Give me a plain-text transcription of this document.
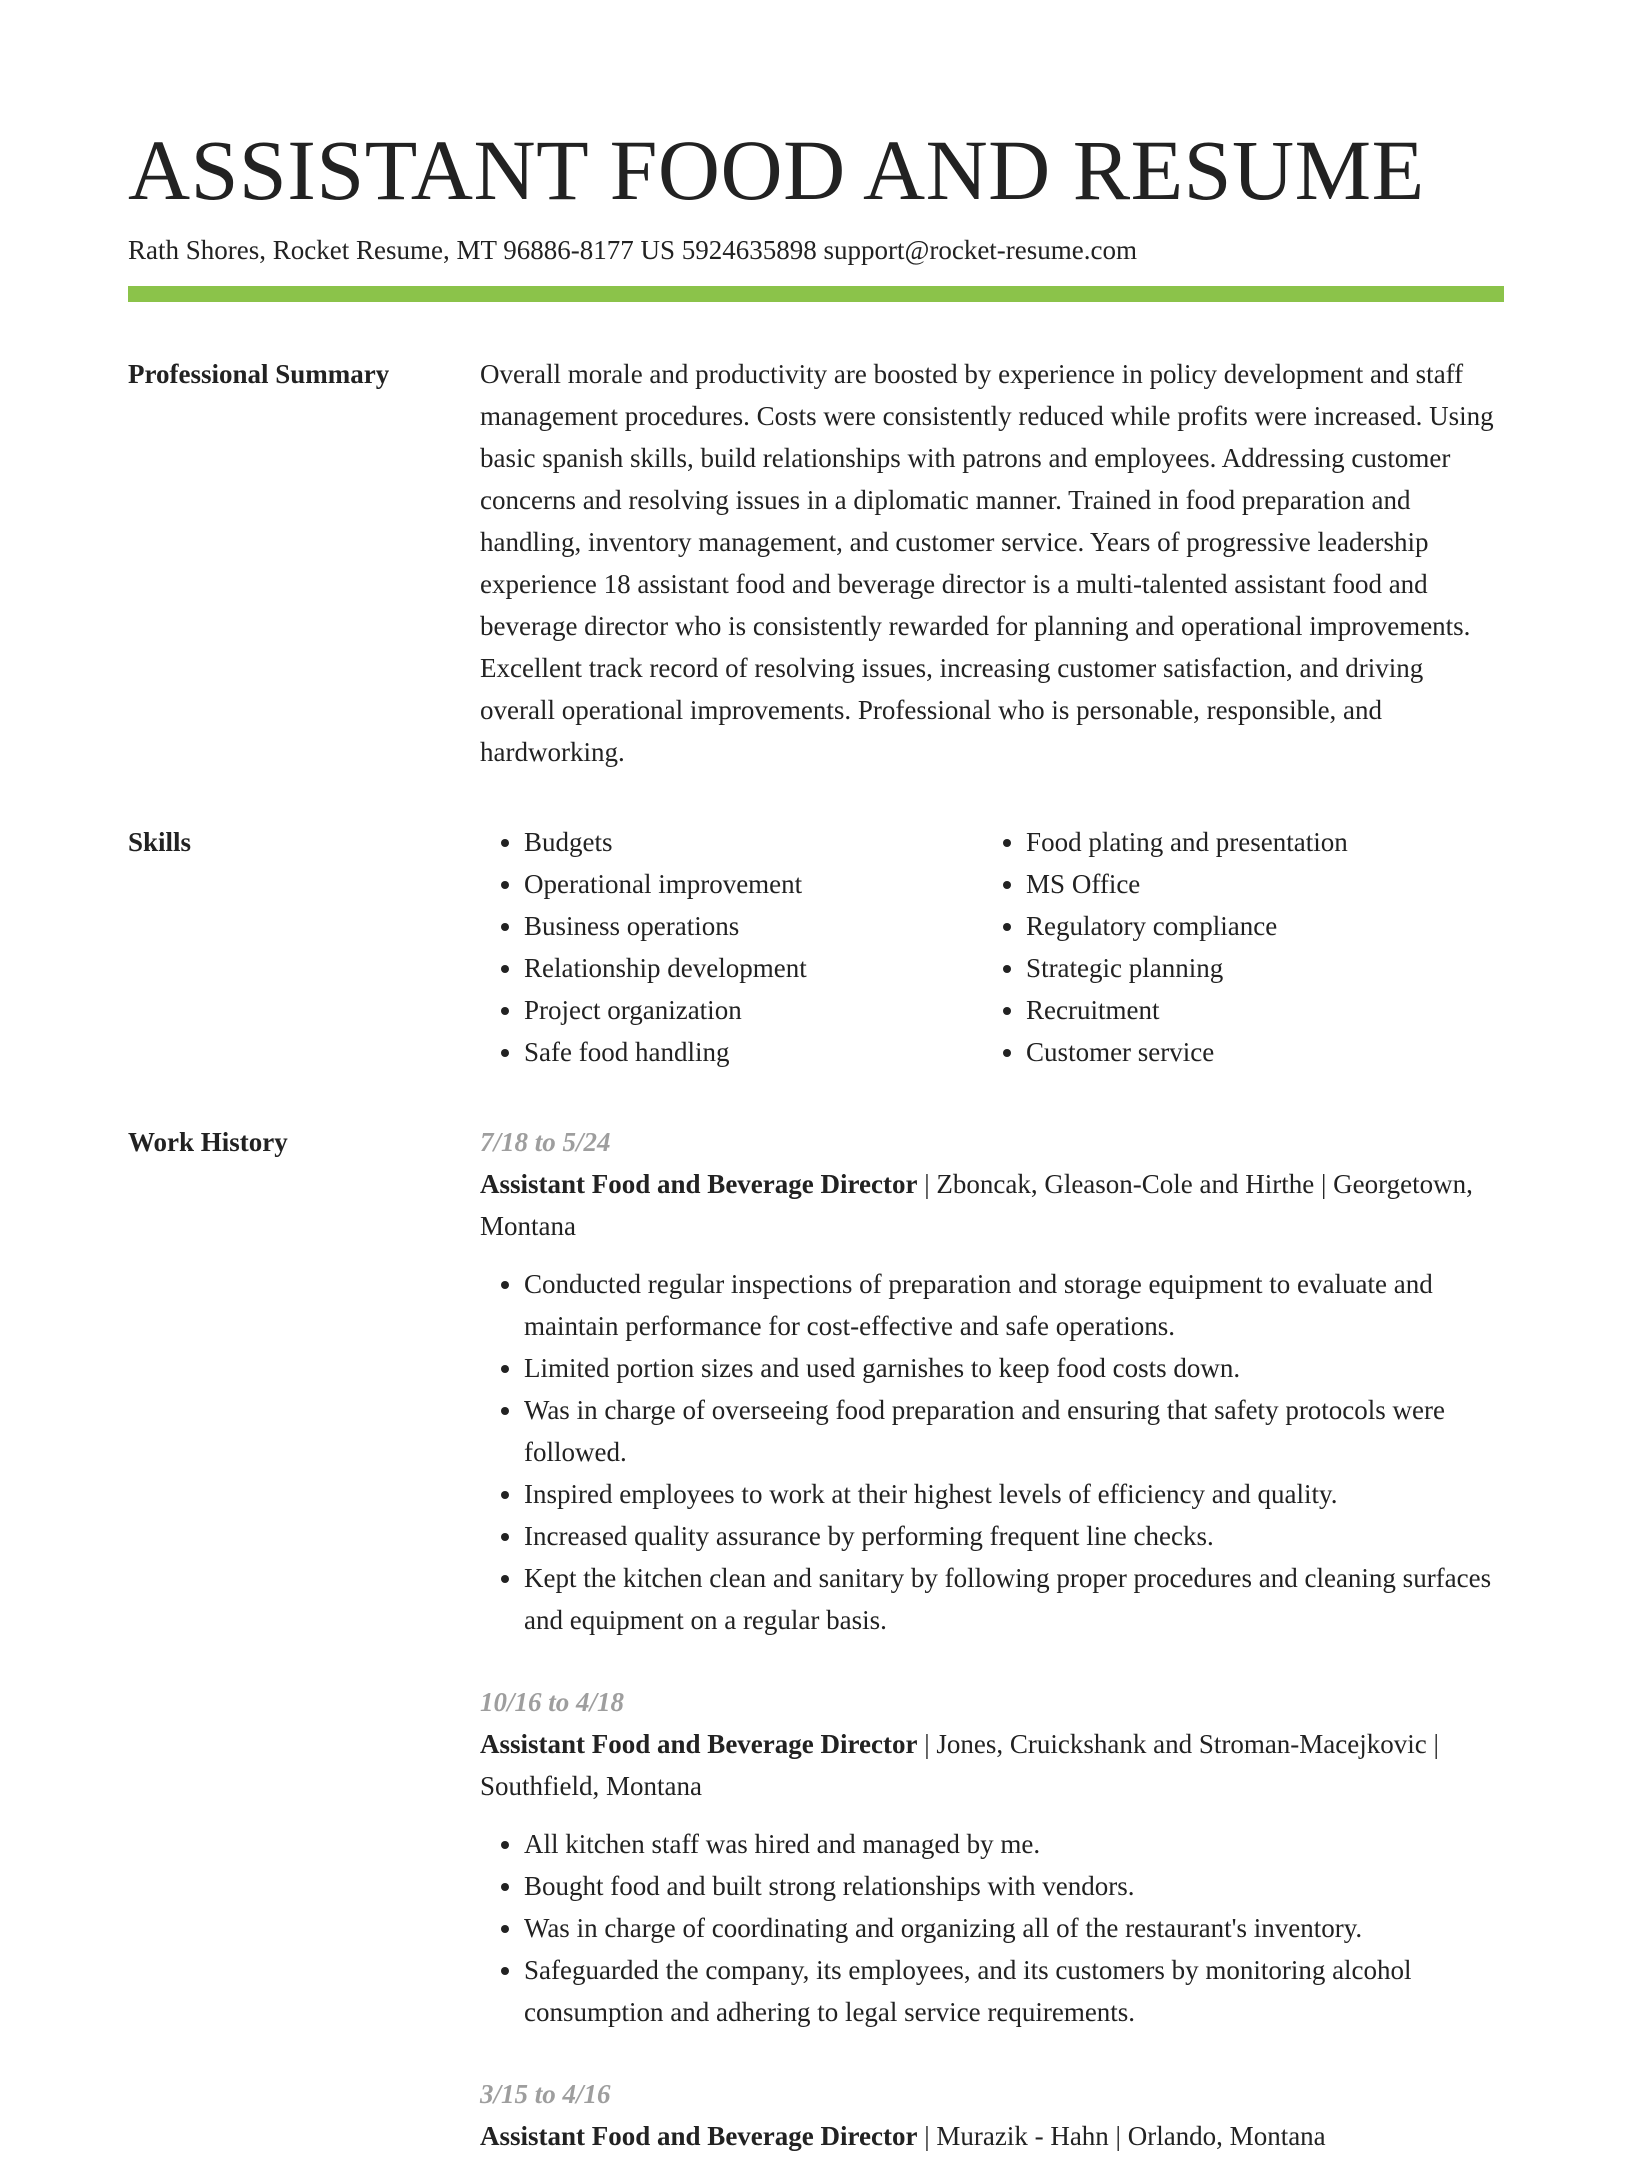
ASSISTANT FOOD AND RESUME
Rath Shores, Rocket Resume, MT 96886-8177 US 5924635898 support@rocket-resume.com
Professional Summary	Overall morale and productivity are boosted by experience in policy development and staff management procedures. Costs were consistently reduced while profits were increased. Using basic spanish skills, build relationships with patrons and employees. Addressing customer concerns and resolving issues in a diplomatic manner. Trained in food preparation and handling, inventory management, and customer service. Years of progressive leadership experience 18 assistant food and beverage director is a multi-talented assistant food and beverage director who is consistently rewarded for planning and operational improvements. Excellent track record of resolving issues, increasing customer satisfaction, and driving overall operational improvements. Professional who is personable, responsible, and hardworking.

Skills
•	Budgets
• Operational improvement
• Business operations
• Relationship development
• Project organization
• Safe food handling
• Food plating and presentation
• MS Office
• Regulatory compliance
• Strategic planning
• Recruitment
• Customer service
Work History	7/18 to 5/24
Assistant Food and Beverage Director | Zboncak, Gleason-Cole and Hirthe | Georgetown, Montana
• Conducted regular inspections of preparation and storage equipment to evaluate and maintain performance for cost-effective and safe operations.
• Limited portion sizes and used garnishes to keep food costs down.
• Was in charge of overseeing food preparation and ensuring that safety protocols were followed.
• Inspired employees to work at their highest levels of efficiency and quality.
• Increased quality assurance by performing frequent line checks.
• Kept the kitchen clean and sanitary by following proper procedures and cleaning surfaces and equipment on a regular basis.
10/16 to 4/18
Assistant Food and Beverage Director | Jones, Cruickshank and Stroman-Macejkovic | Southfield, Montana
• All kitchen staff was hired and managed by me.
• Bought food and built strong relationships with vendors.
• Was in charge of coordinating and organizing all of the restaurant's inventory.
• Safeguarded the company, its employees, and its customers by monitoring alcohol consumption and adhering to legal service requirements.
3/15 to 4/16
Assistant Food and Beverage Director | Murazik - Hahn | Orlando, Montana
